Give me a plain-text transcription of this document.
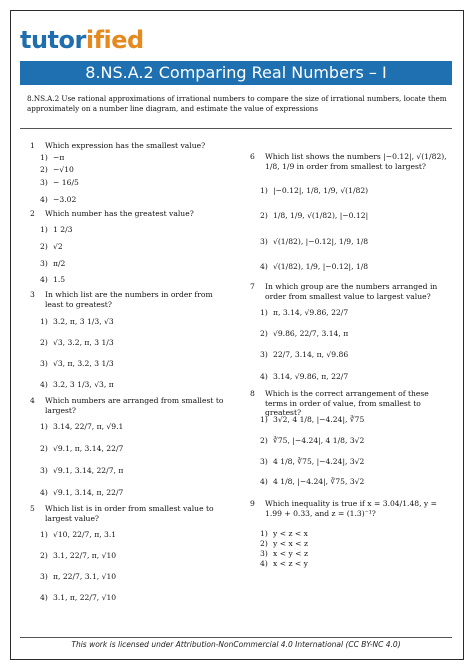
tutorified
8.NS.A.2 Comparing Real Numbers – I
8.NS.A.2 Use rational approximations of irrational numbers to compare the size of irrational numbers, locate them approximately on a number line diagram, and estimate the value of expressions
1 Which expression has the smallest value?
1) −π
2) −√10
3) − 16/5
4) −3.02
2 Which number has the greatest value?
1) 1 2/3
2) √2
3) π/2
4) 1.5
3 In which list are the numbers in order from least to greatest?
1) 3.2, π, 3 1/3, √3
2) √3, 3.2, π, 3 1/3
3) √3, π, 3.2, 3 1/3
4) 3.2, 3 1/3, √3, π
4 Which numbers are arranged from smallest to largest?
1) 3.14, 22/7, π, √9.1
2) √9.1, π, 3.14, 22/7
3) √9.1, 3.14, 22/7, π
4) √9.1, 3.14, π, 22/7
5 Which list is in order from smallest value to largest value?
1) √10, 22/7, π, 3.1
2) 3.1, 22/7, π, √10
3) π, 22/7, 3.1, √10
4) 3.1, π, 22/7, √10
6 Which list shows the numbers |−0.12|, √(1/82), 1/8, 1/9 in order from smallest to largest?
1) |−0.12|, 1/8, 1/9, √(1/82)
2) 1/8, 1/9, √(1/82), |−0.12|
3) √(1/82), |−0.12|, 1/9, 1/8
4) √(1/82), 1/9, |−0.12|, 1/8
7 In which group are the numbers arranged in order from smallest value to largest value?
1) π, 3.14, √9.86, 22/7
2) √9.86, 22/7, 3.14, π
3) 22/7, 3.14, π, √9.86
4) 3.14, √9.86, π, 22/7
8 Which is the correct arrangement of these terms in order of value, from smallest to greatest?
1) 3√2, 4 1/8, |−4.24|, ∛75
2) ∛75, |−4.24|, 4 1/8, 3√2
3) 4 1/8, ∛75, |−4.24|, 3√2
4) 4 1/8, |−4.24|, ∛75, 3√2
9 Which inequality is true if x = 3.04/1.48, y = 1.99 + 0.33, and z = (1.3)⁻¹?
1) y < z < x
2) y < x < z
3) x < y < z
4) x < z < y
This work is licensed under Attribution-NonCommercial 4.0 International (CC BY-NC 4.0)
